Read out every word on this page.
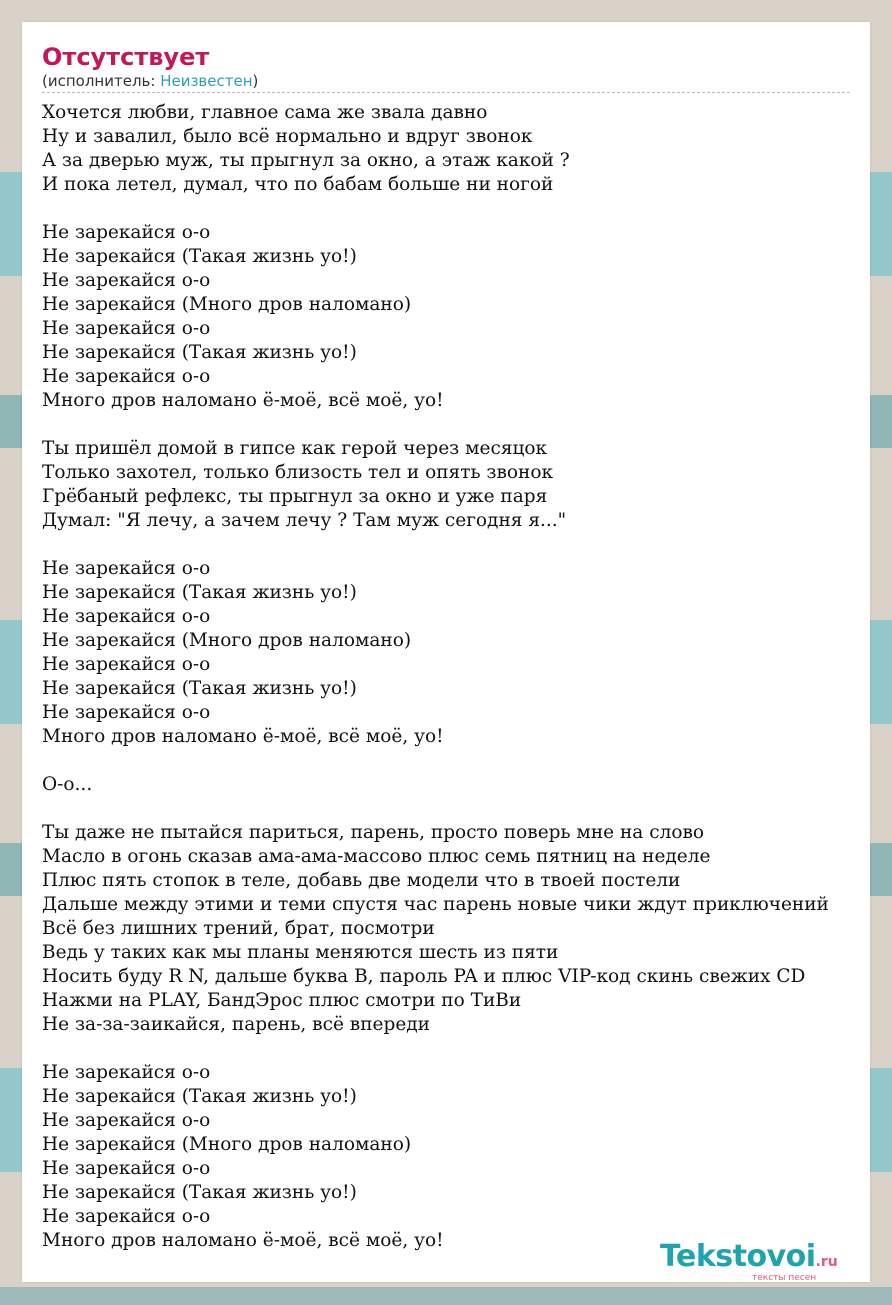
Отсутствует
(исполнитель: Неизвестен)
Хочется любви, главное сама же звала давно
Ну и завалил, было всё нормально и вдруг звонок
А за дверью муж, ты прыгнул за окно, а этаж какой ?
И пока летел, думал, что по бабам больше ни ногой
Не зарекайся о-о
Не зарекайся (Такая жизнь уо!)
Не зарекайся о-о
Не зарекайся (Много дров наломано)
Не зарекайся о-о
Не зарекайся (Такая жизнь уо!)
Не зарекайся о-о
Много дров наломано ё-моё, всё моё, уо!
Ты пришёл домой в гипсе как герой через месяцок
Только захотел, только близость тел и опять звонок
Грёбаный рефлекс, ты прыгнул за окно и уже паря
Думал: "Я лечу, а зачем лечу ? Там муж сегодня я..."
Не зарекайся о-о
Не зарекайся (Такая жизнь уо!)
Не зарекайся о-о
Не зарекайся (Много дров наломано)
Не зарекайся о-о
Не зарекайся (Такая жизнь уо!)
Не зарекайся о-о
Много дров наломано ё-моё, всё моё, уо!
О-о...
Ты даже не пытайся париться, парень, просто поверь мне на слово
Масло в огонь сказав ама-ама-массово плюс семь пятниц на неделе
Плюс пять стопок в теле, добавь две модели что в твоей постели
Дальше между этими и теми спустя час парень новые чики ждут приключений
Всё без лишних трений, брат, посмотри
Ведь у таких как мы планы меняются шесть из пяти
Носить буду R N, дальше буква B, пароль PA и плюс VIP-код скинь свежих CD
Нажми на PLAY, БандЭрос плюс смотри по ТиВи
Не за-за-заикайся, парень, всё впереди
Не зарекайся о-о
Не зарекайся (Такая жизнь уо!)
Не зарекайся о-о
Не зарекайся (Много дров наломано)
Не зарекайся о-о
Не зарекайся (Такая жизнь уо!)
Не зарекайся о-о
Много дров наломано ё-моё, всё моё, уо!	Tekstovoi.ru
тексты песен
